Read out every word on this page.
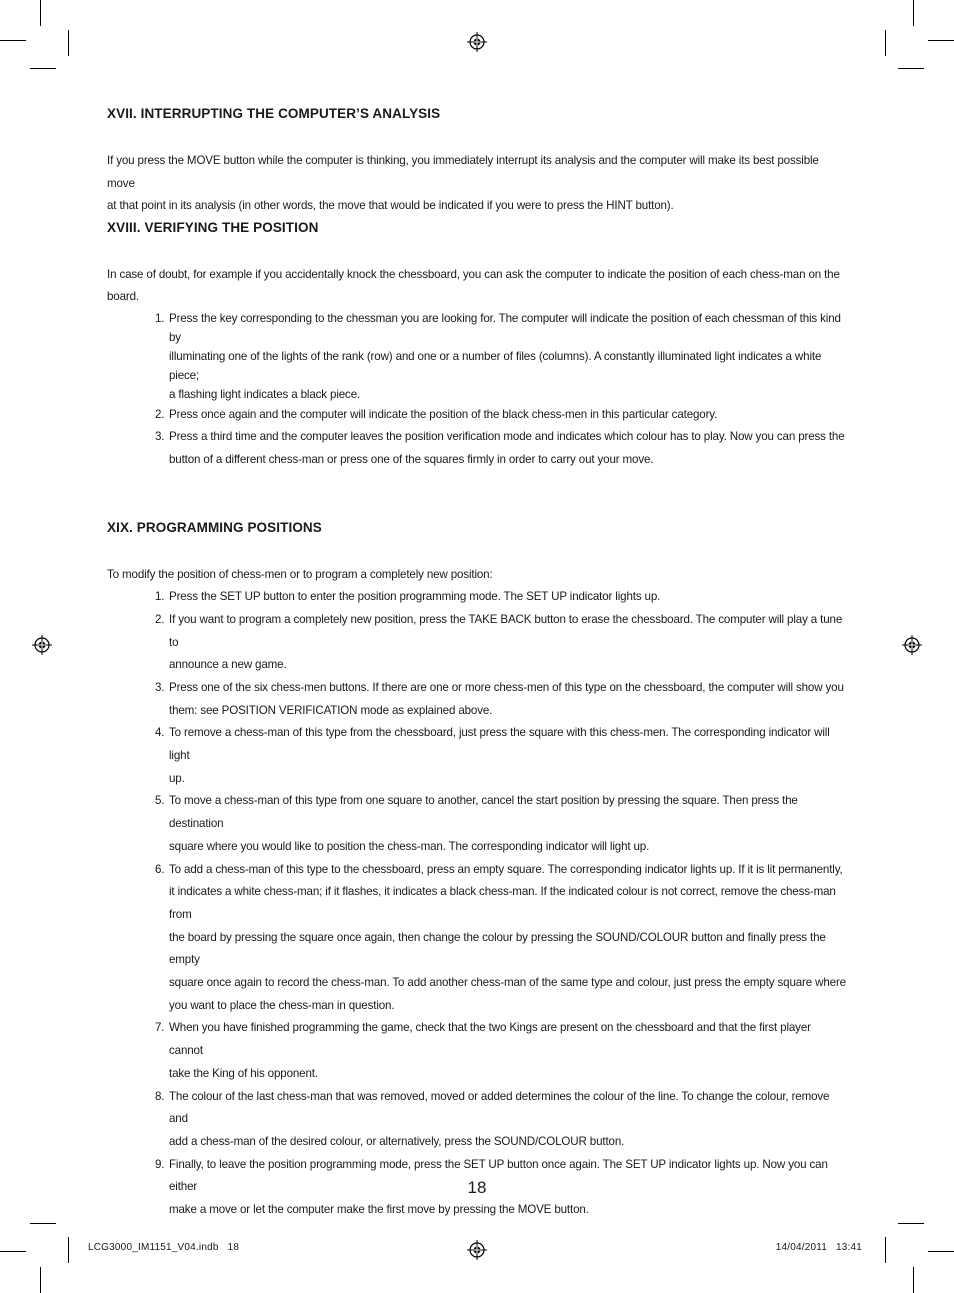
XVII. INTERRUPTING THE COMPUTER’S ANALYSIS

If you press the MOVE button while the computer is thinking, you immediately interrupt its analysis and the computer will make its best possible move
at that point in its analysis (in other words, the move that would be indicated if you were to press the HINT button).

XVIII. VERIFYING THE POSITION

In case of doubt, for example if you accidentally knock the chessboard, you can ask the computer to indicate the position of each chess-man on the
board.

1. Press the key corresponding to the chessman you are looking for. The computer will indicate the position of each chessman of this kind by
illuminating one of the lights of the rank (row) and one or a number of files (columns). A constantly illuminated light indicates a white piece;
a flashing light indicates a black piece.
2. Press once again and the computer will indicate the position of the black chess-men in this particular category.
3. Press a third time and the computer leaves the position verification mode and indicates which colour has to play. Now you can press the
button of a different chess-man or press one of the squares firmly in order to carry out your move.
XIX. PROGRAMMING POSITIONS

To modify the position of chess-men or to program a completely new position:

1. Press the SET UP button to enter the position programming mode. The SET UP indicator lights up.
2. If you want to program a completely new position, press the TAKE BACK button to erase the chessboard. The computer will play a tune to
announce a new game.
3. Press one of the six chess-men buttons. If there are one or more chess-men of this type on the chessboard, the computer will show you
them: see POSITION VERIFICATION mode as explained above.
4. To remove a chess-man of this type from the chessboard, just press the square with this chess-men. The corresponding indicator will light
up.
5. To move a chess-man of this type from one square to another, cancel the start position by pressing the square. Then press the destination
square where you would like to position the chess-man. The corresponding indicator will light up.
6. To add a chess-man of this type to the chessboard, press an empty square. The corresponding indicator lights up. If it is lit permanently,
it indicates a white chess-man; if it flashes, it indicates a black chess-man. If the indicated colour is not correct, remove the chess-man from
the board by pressing the square once again, then change the colour by pressing the SOUND/COLOUR button and finally press the empty
square once again to record the chess-man. To add another chess-man of the same type and colour, just press the empty square where
you want to place the chess-man in question.
7. When you have finished programming the game, check that the two Kings are present on the chessboard and that the first player cannot
take the King of his opponent.
8. The colour of the last chess-man that was removed, moved or added determines the colour of the line. To change the colour, remove and
add a chess-man of the desired colour, or alternatively, press the SOUND/COLOUR button.
9. Finally, to leave the position programming mode, press the SET UP button once again. The SET UP indicator lights up. Now you can either
make a move or let the computer make the first move by pressing the MOVE button.
18
LCG3000_IM1151_V04.indb   18	14/04/2011   13:41
